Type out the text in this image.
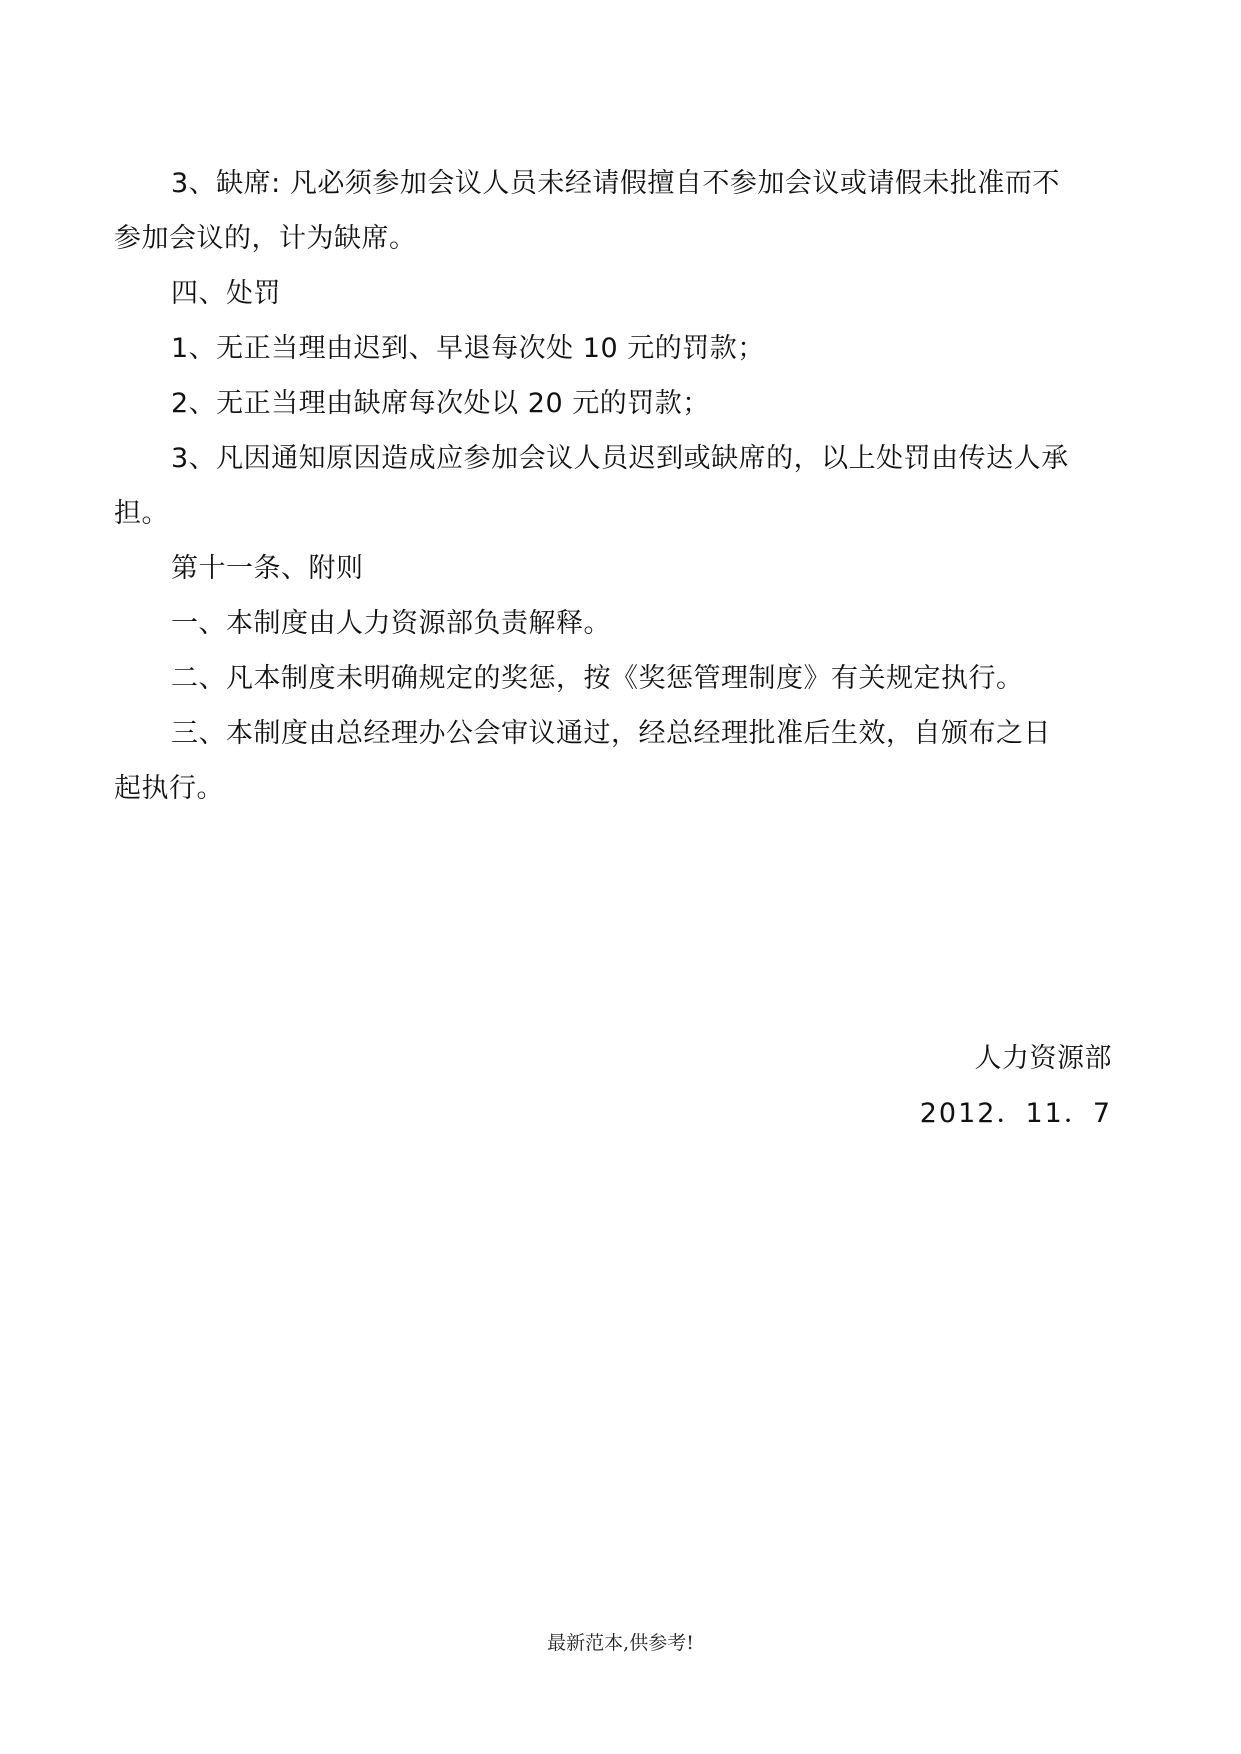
3、缺席: 凡必须参加会议人员未经请假擅自不参加会议或请假未批准而不
参加会议的，计为缺席。

四、处罚

1、无正当理由迟到、早退每次处 10 元的罚款；

2、无正当理由缺席每次处以 20 元的罚款；

3、凡因通知原因造成应参加会议人员迟到或缺席的，以上处罚由传达人承
担。

第十一条、附则

一、本制度由人力资源部负责解释。

二、凡本制度未明确规定的奖惩，按《奖惩管理制度》有关规定执行。

三、本制度由总经理办公会审议通过，经总经理批准后生效，自颁布之日
起执行。

人力资源部
2012．11．7
最新范本,供参考!
